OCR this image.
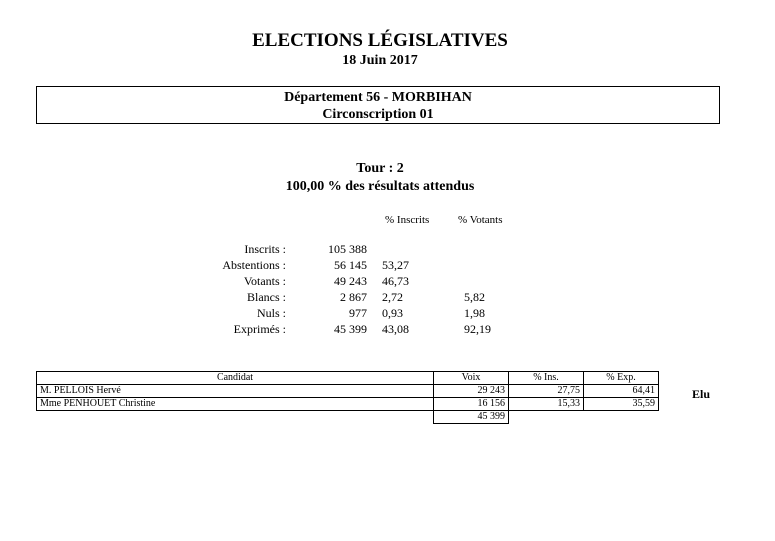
ELECTIONS LÉGISLATIVES
18 Juin 2017
Département 56 - MORBIHAN
Circonscription 01
Tour : 2
100,00 % des résultats attendus
% Inscrits	% Votants
Inscrits :	105 388
Abstentions :	56 145 53,27
Votants :	49 243 46,73
Blancs :	2 867 2,72	5,82
Nuls :	977 0,93	1,98
Exprimés :	45 399 43,08	92,19
Candidat	Voix	% Ins.	% Exp.
M. PELLOIS Hervé	29 243	27,75	64,41
Mme PENHOUET Christine	16 156	15,33	35,59
	45 399		
Elu
